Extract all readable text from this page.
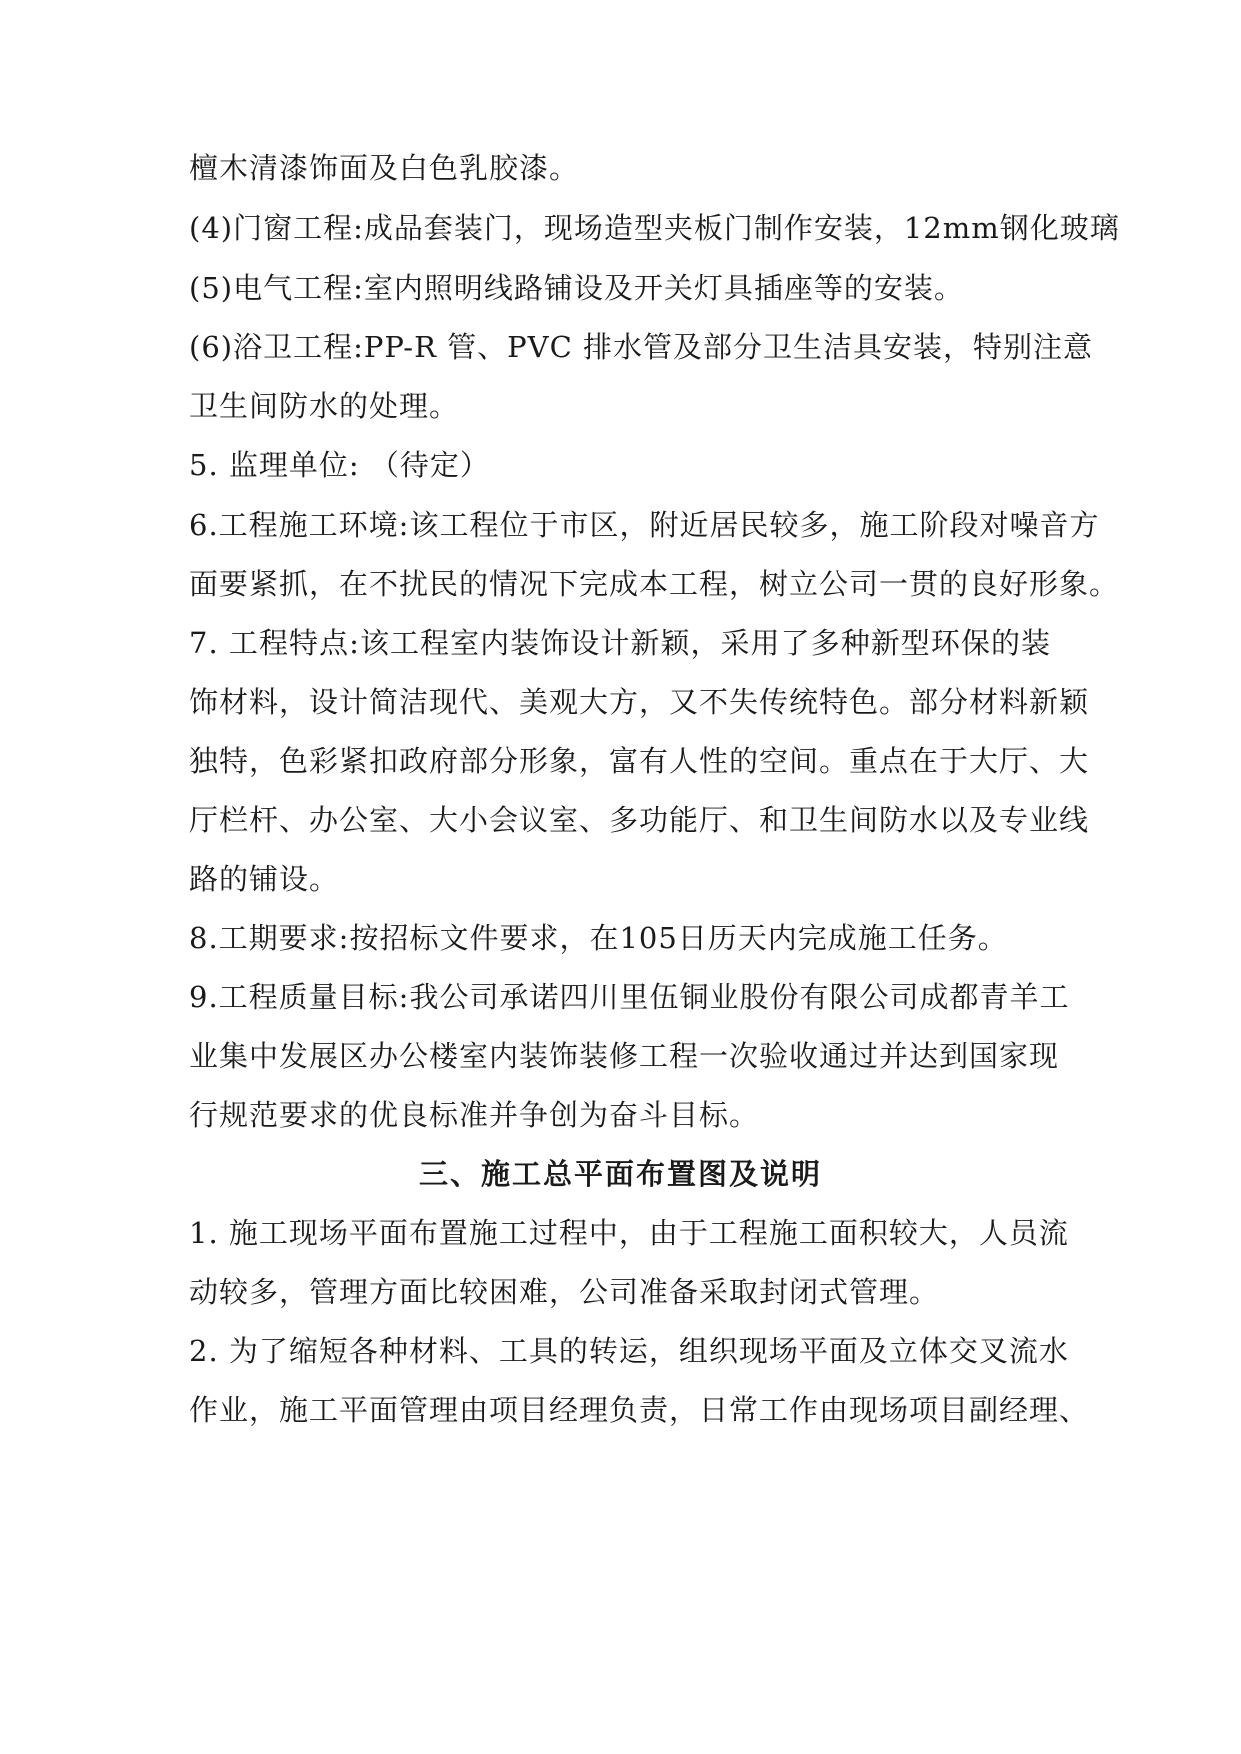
檀木清漆饰面及白色乳胶漆。
(4)门窗工程:成品套装门，现场造型夹板门制作安装，12mm钢化玻璃
(5)电气工程:室内照明线路铺设及开关灯具插座等的安装。
(6)浴卫工程:PP-R 管、PVC 排水管及部分卫生洁具安装，特别注意
卫生间防水的处理。
5. 监理单位: （待定）
6.工程施工环境:该工程位于市区，附近居民较多，施工阶段对噪音方
面要紧抓，在不扰民的情况下完成本工程，树立公司一贯的良好形象。
7. 工程特点:该工程室内装饰设计新颖，采用了多种新型环保的装
饰材料，设计简洁现代、美观大方，又不失传统特色。部分材料新颖
独特，色彩紧扣政府部分形象，富有人性的空间。重点在于大厅、大
厅栏杆、办公室、大小会议室、多功能厅、和卫生间防水以及专业线
路的铺设。
8.工期要求:按招标文件要求，在105日历天内完成施工任务。
9.工程质量目标:我公司承诺四川里伍铜业股份有限公司成都青羊工
业集中发展区办公楼室内装饰装修工程一次验收通过并达到国家现
行规范要求的优良标准并争创为奋斗目标。
三、施工总平面布置图及说明
1. 施工现场平面布置施工过程中，由于工程施工面积较大，人员流
动较多，管理方面比较困难，公司准备采取封闭式管理。
2. 为了缩短各种材料、工具的转运，组织现场平面及立体交叉流水
作业，施工平面管理由项目经理负责，日常工作由现场项目副经理、
